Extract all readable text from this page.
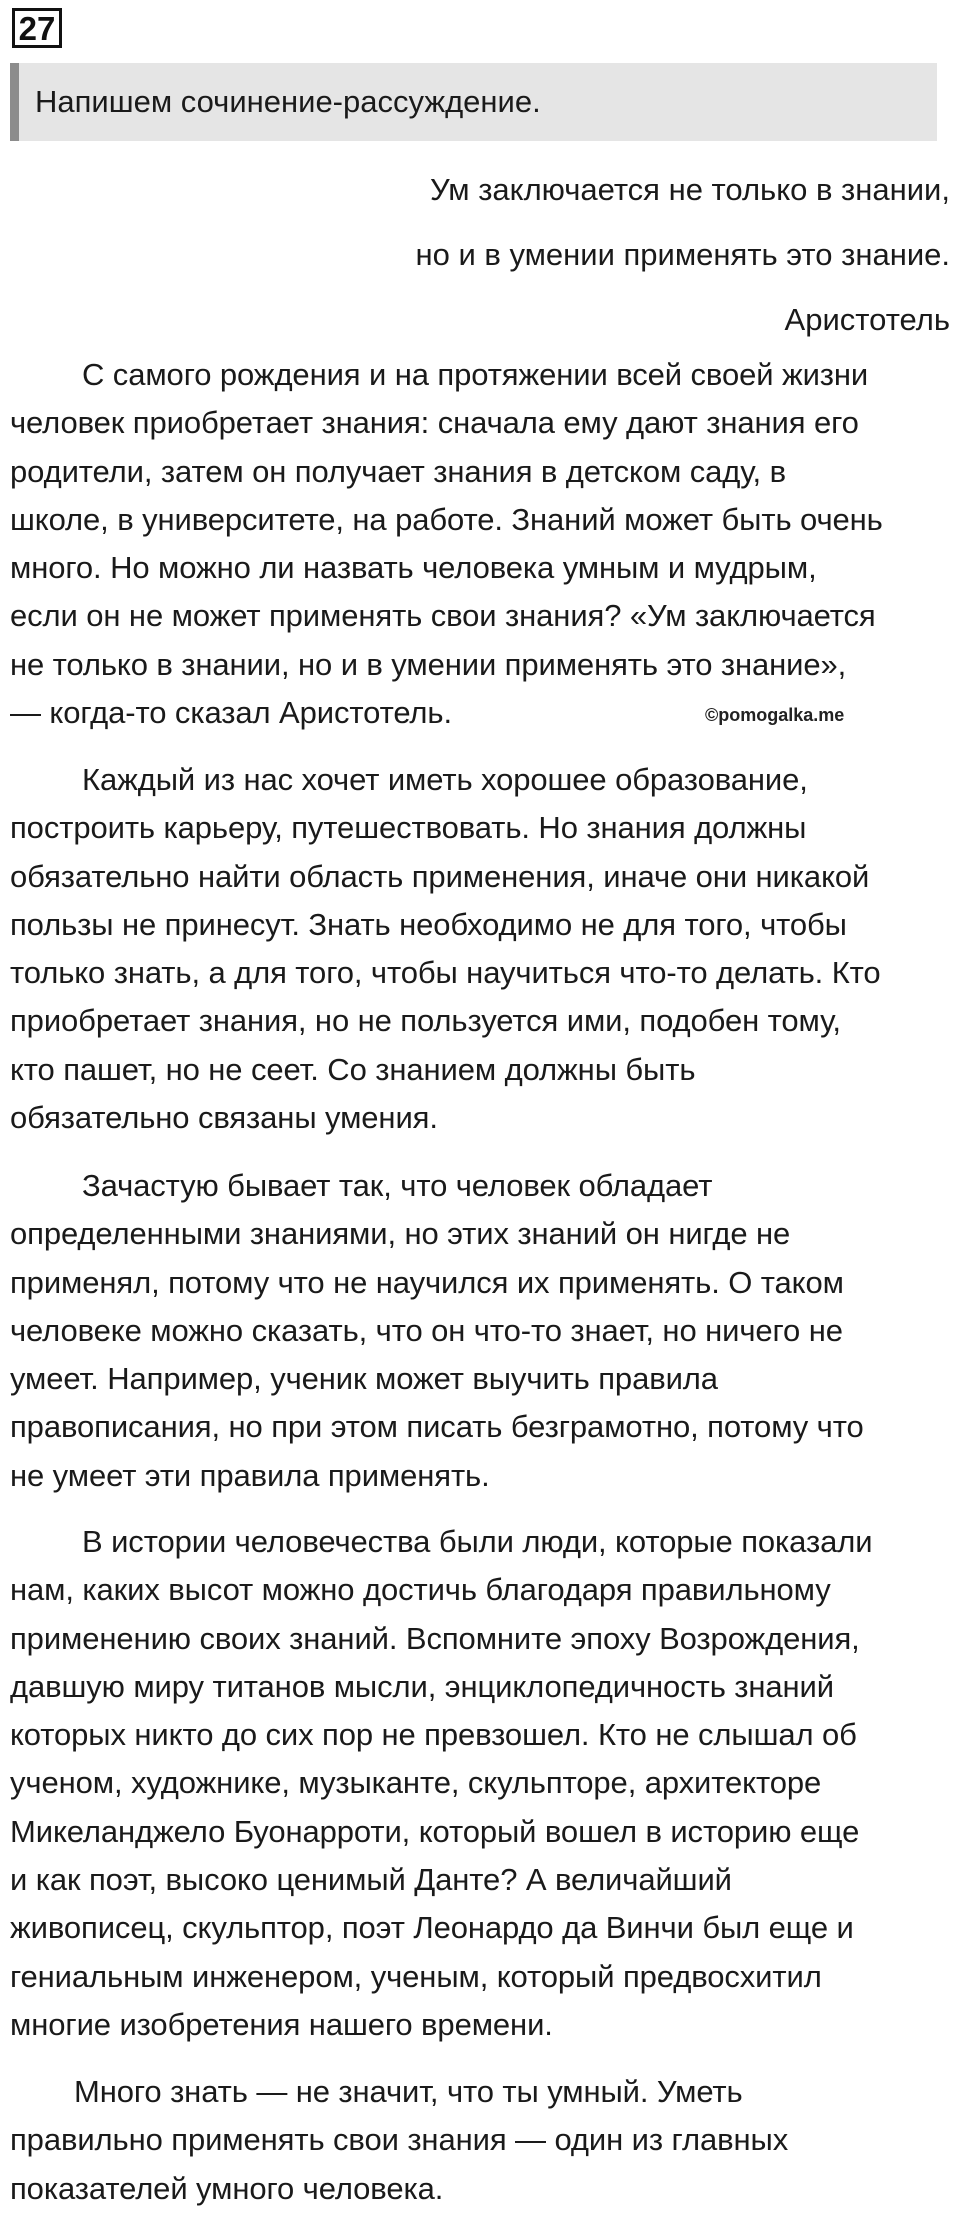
27
Напишем сочинение-рассуждение.
Ум заключается не только в знании,
но и в умении применять это знание.
Аристотель
С самого рождения и на протяжении всей своей жизни
человек приобретает знания: сначала ему дают знания его
родители, затем он получает знания в детском саду, в
школе, в университете, на работе. Знаний может быть очень
много. Но можно ли назвать человека умным и мудрым,
если он не может применять свои знания? «Ум заключается
не только в знании, но и в умении применять это знание»,
— когда-то сказал Аристотель.	©pomogalka.me
Каждый из нас хочет иметь хорошее образование,
построить карьеру, путешествовать. Но знания должны
обязательно найти область применения, иначе они никакой
пользы не принесут. Знать необходимо не для того, чтобы
только знать, а для того, чтобы научиться что-то делать. Кто
приобретает знания, но не пользуется ими, подобен тому,
кто пашет, но не сеет. Со знанием должны быть
обязательно связаны умения.
Зачастую бывает так, что человек обладает
определенными знаниями, но этих знаний он нигде не
применял, потому что не научился их применять. О таком
человеке можно сказать, что он что-то знает, но ничего не
умеет. Например, ученик может выучить правила
правописания, но при этом писать безграмотно, потому что
не умеет эти правила применять.
В истории человечества были люди, которые показали
нам, каких высот можно достичь благодаря правильному
применению своих знаний. Вспомните эпоху Возрождения,
давшую миру титанов мысли, энциклопедичность знаний
которых никто до сих пор не превзошел. Кто не слышал об
ученом, художнике, музыканте, скульпторе, архитекторе
Микеланджело Буонарроти, который вошел в историю еще
и как поэт, высоко ценимый Данте? А величайший
живописец, скульптор, поэт Леонардо да Винчи был еще и
гениальным инженером, ученым, который предвосхитил
многие изобретения нашего времени.
Много знать — не значит, что ты умный. Уметь
правильно применять свои знания — один из главных
показателей умного человека.
